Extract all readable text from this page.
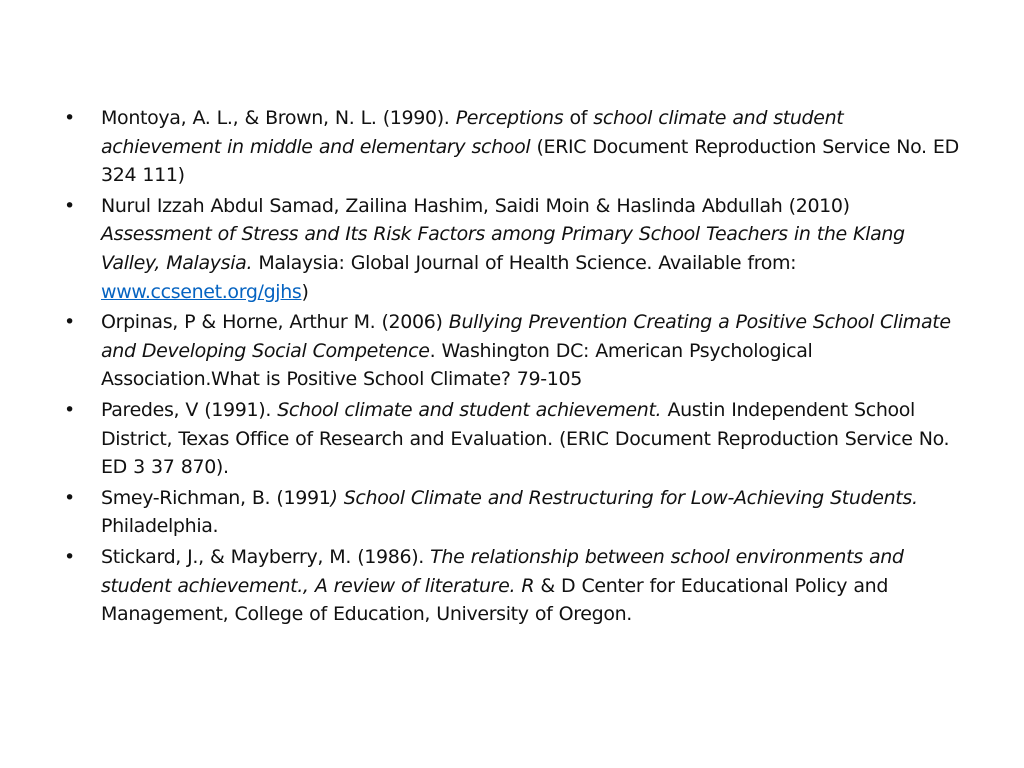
• Montoya, A. L., & Brown, N. L. (1990). Perceptions of school climate and student achievement in middle and elementary school (ERIC Document Reproduction Service No. ED 324 111)
• Nurul Izzah Abdul Samad, Zailina Hashim, Saidi Moin & Haslinda Abdullah (2010) Assessment of Stress and Its Risk Factors among Primary School Teachers in the Klang Valley, Malaysia. Malaysia: Global Journal of Health Science. Available from: www.ccsenet.org/gjhs)
• Orpinas, P & Horne, Arthur M. (2006) Bullying Prevention Creating a Positive School Climate and Developing Social Competence. Washington DC: American Psychological Association.What is Positive School Climate? 79-105
• Paredes, V (1991). School climate and student achievement. Austin Independent School District, Texas Office of Research and Evaluation. (ERIC Document Reproduction Service No. ED 3 37 870).
• Smey-Richman, B. (1991) School Climate and Restructuring for Low-Achieving Students. Philadelphia.
• Stickard, J., & Mayberry, M. (1986). The relationship between school environments and student achievement., A review of literature. R & D Center for Educational Policy and Management, College of Education, University of Oregon.
